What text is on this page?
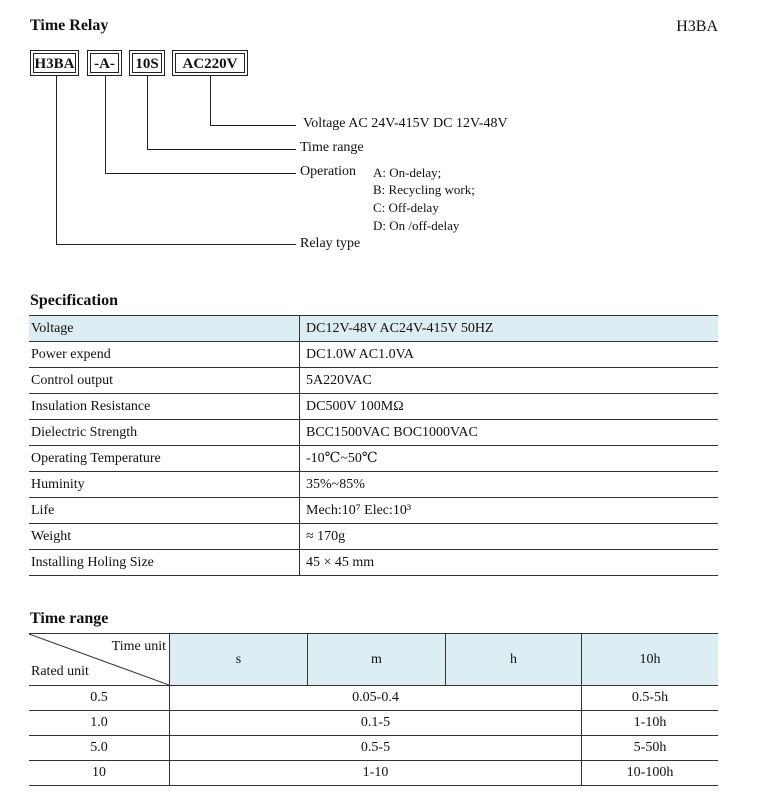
Time Relay	H3BA
H3BA -A- 10S	AC220V
Voltage AC 24V-415V DC 12V-48V
Time range
Operation A: On-delay;
B: Recycling work;
C: Off-delay
D: On /off-delay
Relay type
Specification
Voltage	DC12V-48V AC24V-415V 50HZ
Power expend	DC1.0W AC1.0VA
Control output	5A220VAC
Insulation Resistance	DC500V 100MΩ
Dielectric Strength	BCC1500VAC BOC1000VAC
Operating Temperature	-10℃~50℃
Huminity	35%~85%
Life	Mech:10⁷ Elec:10³
Weight	≈ 170g
Installing Holing Size	45 × 45 mm
Time range
Time unit
Rated unit	s	m	h	10h
0.5	0.05-0.4			0.5-5h
1.0	0.1-5			1-10h
5.0	0.5-5			5-50h
10	1-10			10-100h
